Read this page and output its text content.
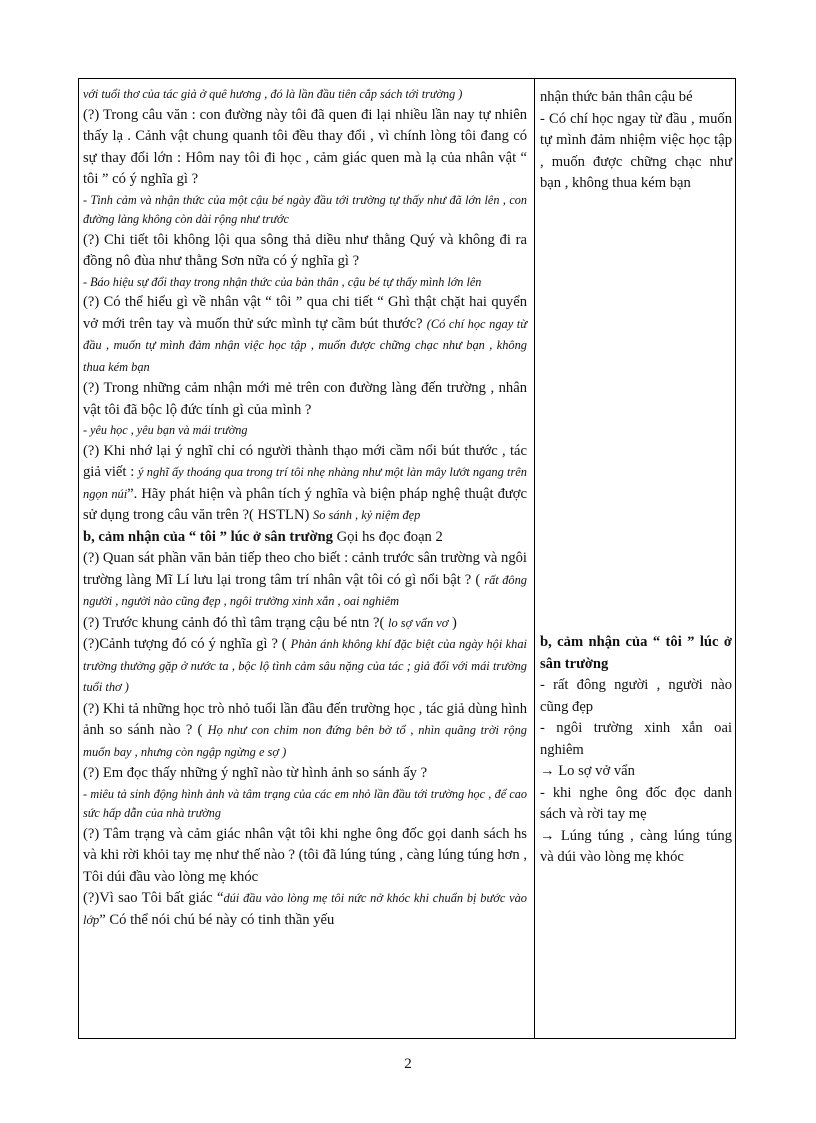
với tuổi thơ của tác giả ở quê hương , đó là lần đầu tiên cắp sách tới trường )

(?) Trong câu văn : con đường này tôi đã quen đi lại nhiều lần nay tự nhiên thấy lạ . Cảnh vật chung quanh tôi đều thay đổi , vì chính lòng tôi đang có sự thay đổi lớn : Hôm nay tôi đi học , cảm giác quen mà lạ của nhân vật “ tôi ” có ý nghĩa gì ?

- Tình cảm và nhận thức của một cậu bé ngày đầu tới trường tự thấy như đã lớn lên , con đường làng không còn dài rộng như trước

(?) Chi tiết tôi không lội qua sông thả diều như thằng Quý và không đi ra đồng nô đùa như thằng Sơn nữa có ý nghĩa gì ?

- Báo hiệu sự đổi thay trong nhận thức của bản thân , cậu bé tự thấy mình lớn lên

(?) Có thể hiểu gì về nhân vật “ tôi ” qua chi tiết “ Ghì thật chặt hai quyển vở mới trên tay và muốn thử sức mình tự cầm bút thước? (Có chí học ngay từ đầu , muốn tự mình đảm nhận việc học tập , muốn được chững chạc như bạn , không thua kém bạn

(?) Trong những cảm nhận mới mẻ trên con đường làng đến trường , nhân vật tôi đã bộc lộ đức tính gì của mình ?

- yêu học , yêu bạn và mái trường

(?) Khi nhớ lại ý nghĩ chỉ có người thành thạo mới cầm nổi bút thước , tác giả viết : ý nghĩ ấy thoáng qua trong trí tôi nhẹ nhàng như một làn mây lướt ngang trên ngọn núi”. Hãy phát hiện và phân tích ý nghĩa và biện pháp nghệ thuật được sử dụng trong câu văn trên ?( HSTLN) So sánh , kỷ niệm đẹp

b, cảm nhận của “ tôi ” lúc ở sân trường Gọi hs đọc đoạn 2

(?) Quan sát phần văn bản tiếp theo cho biết : cảnh trước sân trường và ngôi trường làng Mĩ Lí lưu lại trong tâm trí nhân vật tôi có gì nổi bật ? ( rất đông người , người nào cũng đẹp , ngôi trường xinh xắn , oai nghiêm

(?) Trước khung cảnh đó thì tâm trạng cậu bé ntn ?( lo sợ vẩn vơ )

(?)Cảnh tượng đó có ý nghĩa gì ? ( Phản ánh không khí đặc biệt của ngày hội khai trường thường gặp ở nước ta , bộc lộ tình cảm sâu nặng của tác ; giả đối với mái trường tuổi thơ )

(?) Khi tả những học trò nhỏ tuổi lần đầu đến trường học , tác giả dùng hình ảnh so sánh nào ? ( Họ như con chim non đứng bên bờ tổ , nhìn quãng trời rộng muốn bay , nhưng còn ngập ngừng e sợ )

(?) Em đọc thấy những ý nghĩ nào từ hình ảnh so sánh ấy ?

- miêu tả sinh động hình ảnh và tâm trạng của các em nhỏ lần đầu tới trường học , để cao sức hấp dẫn của nhà trường

(?) Tâm trạng và cảm giác nhân vật tôi khi nghe ông đốc gọi danh sách hs và khi rời khỏi tay mẹ như thế nào ? (tôi đã lúng túng , càng lúng túng hơn , Tôi dúi đầu vào lòng mẹ khóc

(?)Vì sao Tôi bất giác “dúi đầu vào lòng mẹ tôi nức nở khóc khi chuẩn bị bước vào lớp” Có thể nói chú bé này có tinh thần yếu

nhận thức bản thân cậu bé

- Có chí học ngay từ đầu , muốn tự mình đảm nhiệm việc học tập , muốn được chững chạc như bạn , không thua kém bạn

b, cảm nhận của “ tôi ” lúc ở sân trường

- rất đông người , người nào cũng đẹp

- ngôi trường xinh xắn oai nghiêm

→ Lo sợ vở vẩn

- khi nghe ông đốc đọc danh sách và rời tay mẹ

→ Lúng túng , càng lúng túng và dúi vào lòng mẹ khóc

2
